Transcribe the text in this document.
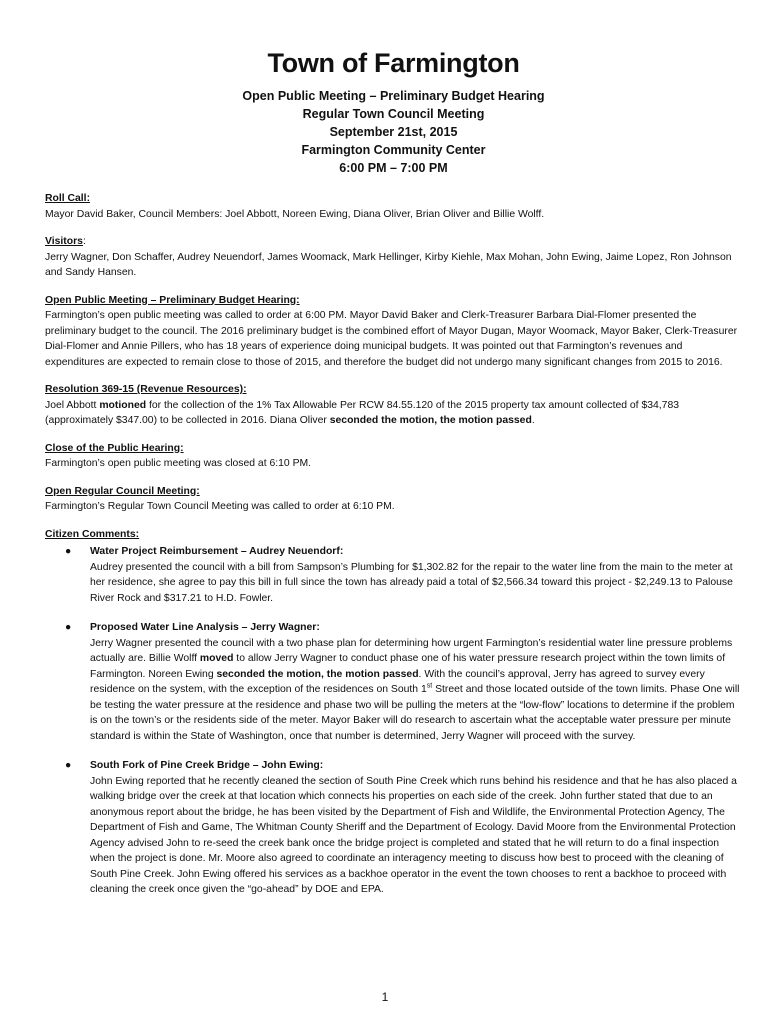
Town of Farmington
Open Public Meeting – Preliminary Budget Hearing
Regular Town Council Meeting
September 21st, 2015
Farmington Community Center
6:00 PM – 7:00 PM
Roll Call:

Mayor David Baker, Council Members: Joel Abbott, Noreen Ewing, Diana Oliver, Brian Oliver and Billie Wolff.

Visitors:

Jerry Wagner, Don Schaffer, Audrey Neuendorf, James Woomack, Mark Hellinger, Kirby Kiehle, Max Mohan, John Ewing, Jaime Lopez, Ron Johnson and Sandy Hansen.

Open Public Meeting – Preliminary Budget Hearing:

Farmington’s open public meeting was called to order at 6:00 PM. Mayor David Baker and Clerk-Treasurer Barbara Dial-Flomer presented the preliminary budget to the council. The 2016 preliminary budget is the combined effort of Mayor Dugan, Mayor Woomack, Mayor Baker, Clerk-Treasurer Dial-Flomer and Annie Pillers, who has 18 years of experience doing municipal budgets. It was pointed out that Farmington’s revenues and expenditures are expected to remain close to those of 2015, and therefore the budget did not undergo many significant changes from 2015 to 2016.

Resolution 369-15 (Revenue Resources):

Joel Abbott motioned for the collection of the 1% Tax Allowable Per RCW 84.55.120 of the 2015 property tax amount collected of $34,783 (approximately $347.00) to be collected in 2016. Diana Oliver seconded the motion, the motion passed.

Close of the Public Hearing:

Farmington’s open public meeting was closed at 6:10 PM.

Open Regular Council Meeting:

Farmington’s Regular Town Council Meeting was called to order at 6:10 PM.

Citizen Comments:
● Water Project Reimbursement – Audrey Neuendorf:
Audrey presented the council with a bill from Sampson’s Plumbing for $1,302.82 for the repair to the water line from the main to the meter at her residence, she agree to pay this bill in full since the town has already paid a total of $2,566.34 toward this project - $2,249.13 to Palouse River Rock and $317.21 to H.D. Fowler.
● Proposed Water Line Analysis – Jerry Wagner:
Jerry Wagner presented the council with a two phase plan for determining how urgent Farmington’s residential water line pressure problems actually are. Billie Wolff moved to allow Jerry Wagner to conduct phase one of his water pressure research project within the town limits of Farmington. Noreen Ewing seconded the motion, the motion passed. With the council’s approval, Jerry has agreed to survey every residence on the system, with the exception of the residences on South 1st Street and those located outside of the town limits. Phase One will be testing the water pressure at the residence and phase two will be pulling the meters at the “low-flow” locations to determine if the problem is on the town’s or the residents side of the meter. Mayor Baker will do research to ascertain what the acceptable water pressure per minute standard is within the State of Washington, once that number is determined, Jerry Wagner will proceed with the survey.
● South Fork of Pine Creek Bridge – John Ewing:
John Ewing reported that he recently cleaned the section of South Pine Creek which runs behind his residence and that he has also placed a walking bridge over the creek at that location which connects his properties on each side of the creek. John further stated that due to an anonymous report about the bridge, he has been visited by the Department of Fish and Wildlife, the Environmental Protection Agency, The Department of Fish and Game, The Whitman County Sheriff and the Department of Ecology. David Moore from the Environmental Protection Agency advised John to re-seed the creek bank once the bridge project is completed and stated that he will return to do a final inspection when the project is done. Mr. Moore also agreed to coordinate an interagency meeting to discuss how best to proceed with the cleaning of South Pine Creek. John Ewing offered his services as a backhoe operator in the event the town chooses to rent a backhoe to proceed with cleaning the creek once given the “go-ahead” by DOE and EPA.
1
